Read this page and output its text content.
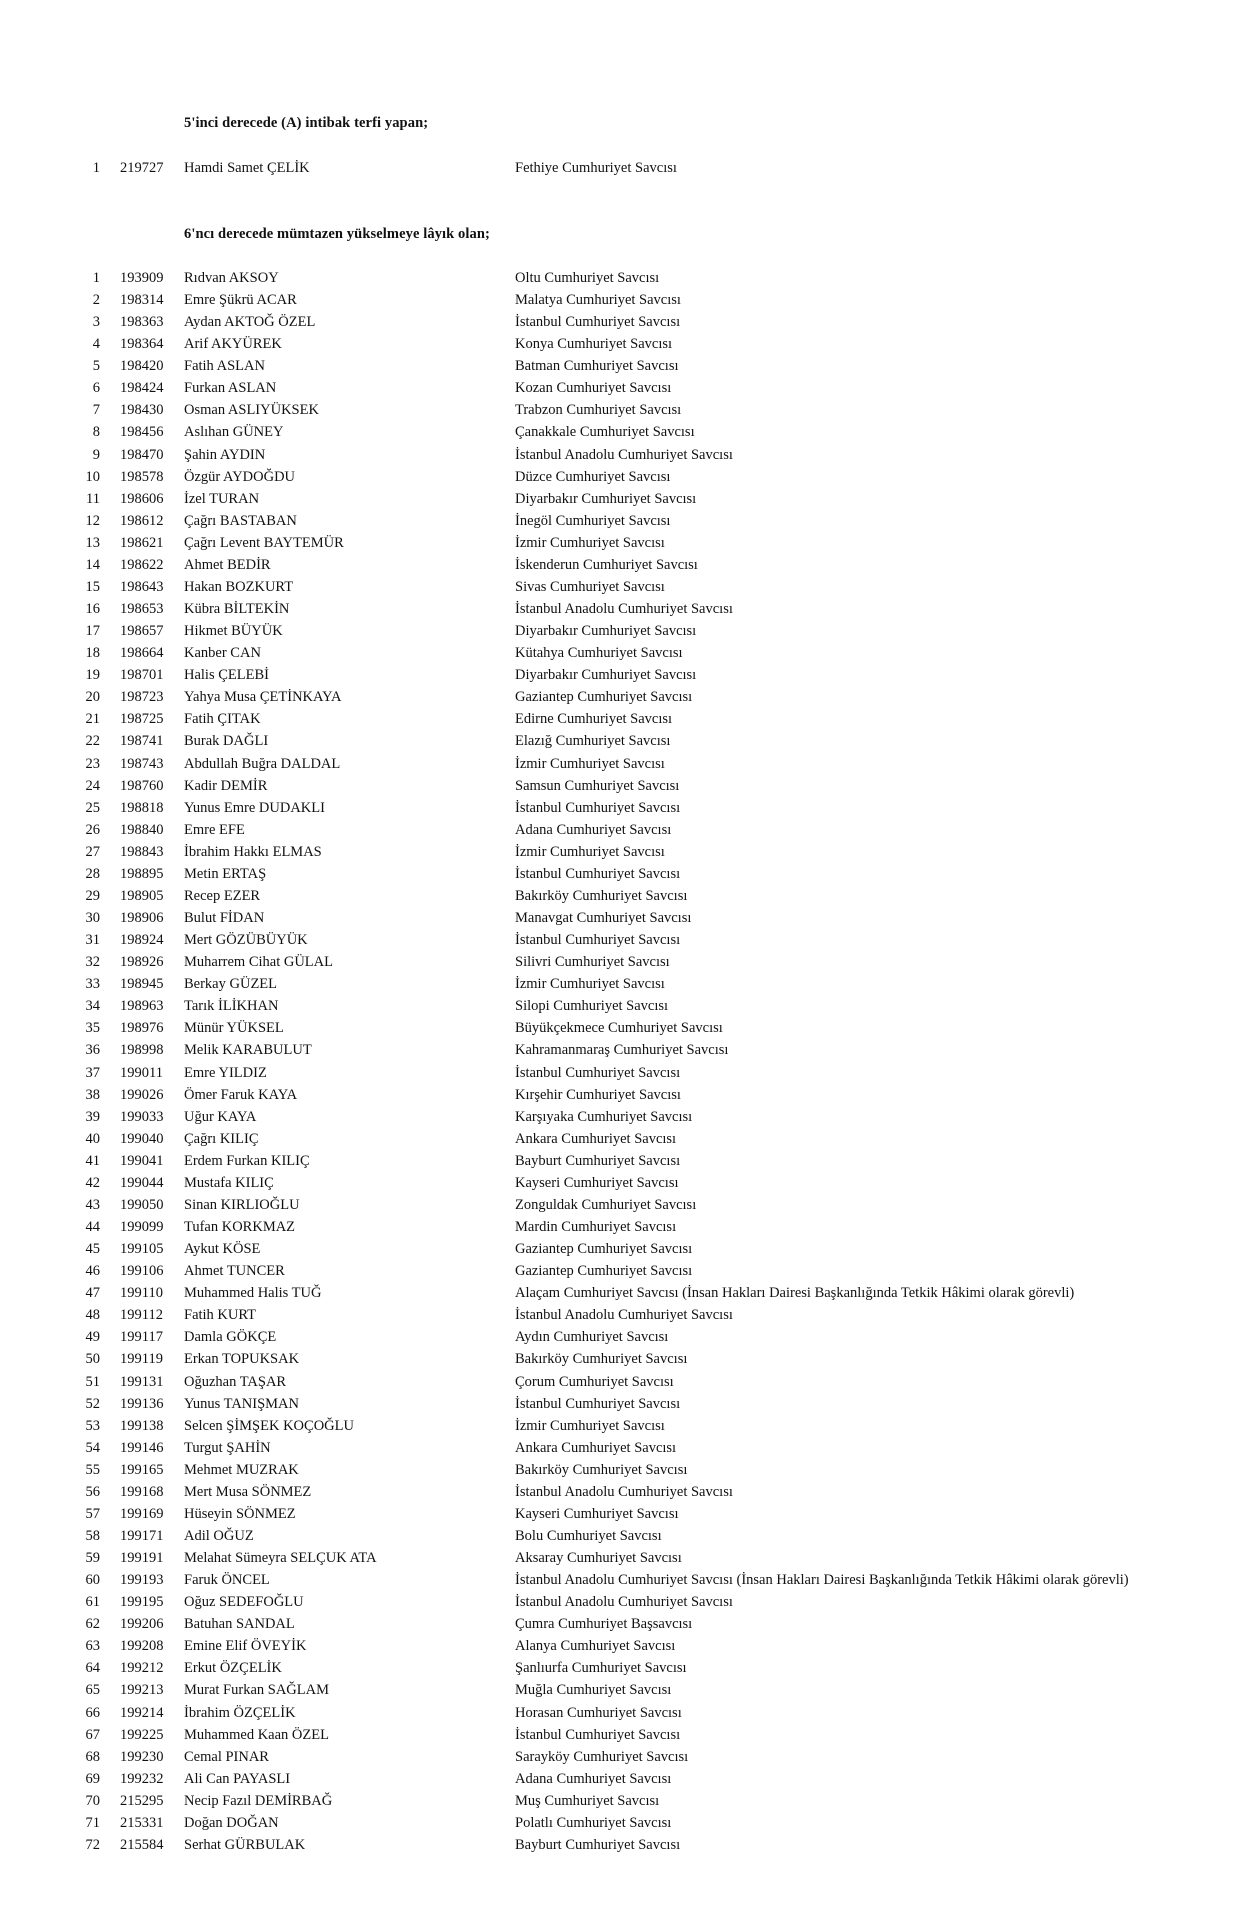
5'inci derecede (A) intibak terfi yapan;
1 219727 Hamdi Samet ÇELİK	Fethiye Cumhuriyet Savcısı
6'ncı derecede mümtazen yükselmeye lâyık olan;
1 193909 Rıdvan AKSOY	Oltu Cumhuriyet Savcısı
2 198314 Emre Şükrü ACAR	Malatya Cumhuriyet Savcısı
3 198363 Aydan AKTOĞ ÖZEL	İstanbul Cumhuriyet Savcısı
4 198364 Arif AKYÜREK	Konya Cumhuriyet Savcısı
5 198420 Fatih ASLAN	Batman Cumhuriyet Savcısı
6 198424 Furkan ASLAN	Kozan Cumhuriyet Savcısı
7 198430 Osman ASLIYÜKSEK	Trabzon Cumhuriyet Savcısı
8 198456 Aslıhan GÜNEY	Çanakkale Cumhuriyet Savcısı
9 198470 Şahin AYDIN	İstanbul Anadolu Cumhuriyet Savcısı
10 198578 Özgür AYDOĞDU	Düzce Cumhuriyet Savcısı
11 198606 İzel TURAN	Diyarbakır Cumhuriyet Savcısı
12 198612 Çağrı BASTABAN	İnegöl Cumhuriyet Savcısı
13 198621 Çağrı Levent BAYTEMÜR	İzmir Cumhuriyet Savcısı
14 198622 Ahmet BEDİR	İskenderun Cumhuriyet Savcısı
15 198643 Hakan BOZKURT	Sivas Cumhuriyet Savcısı
16 198653 Kübra BİLTEKİN	İstanbul Anadolu Cumhuriyet Savcısı
17 198657 Hikmet BÜYÜK	Diyarbakır Cumhuriyet Savcısı
18 198664 Kanber CAN	Kütahya Cumhuriyet Savcısı
19 198701 Halis ÇELEBİ	Diyarbakır Cumhuriyet Savcısı
20 198723 Yahya Musa ÇETİNKAYA	Gaziantep Cumhuriyet Savcısı
21 198725 Fatih ÇITAK	Edirne Cumhuriyet Savcısı
22 198741 Burak DAĞLI	Elazığ Cumhuriyet Savcısı
23 198743 Abdullah Buğra DALDAL	İzmir Cumhuriyet Savcısı
24 198760 Kadir DEMİR	Samsun Cumhuriyet Savcısı
25 198818 Yunus Emre DUDAKLI	İstanbul Cumhuriyet Savcısı
26 198840 Emre EFE	Adana Cumhuriyet Savcısı
27 198843 İbrahim Hakkı ELMAS	İzmir Cumhuriyet Savcısı
28 198895 Metin ERTAŞ	İstanbul Cumhuriyet Savcısı
29 198905 Recep EZER	Bakırköy Cumhuriyet Savcısı
30 198906 Bulut FİDAN	Manavgat Cumhuriyet Savcısı
31 198924 Mert GÖZÜBÜYÜK	İstanbul Cumhuriyet Savcısı
32 198926 Muharrem Cihat GÜLAL	Silivri Cumhuriyet Savcısı
33 198945 Berkay GÜZEL	İzmir Cumhuriyet Savcısı
34 198963 Tarık İLİKHAN	Silopi Cumhuriyet Savcısı
35 198976 Münür YÜKSEL	Büyükçekmece Cumhuriyet Savcısı
36 198998 Melik KARABULUT	Kahramanmaraş Cumhuriyet Savcısı
37 199011 Emre YILDIZ	İstanbul Cumhuriyet Savcısı
38 199026 Ömer Faruk KAYA	Kırşehir Cumhuriyet Savcısı
39 199033 Uğur KAYA	Karşıyaka Cumhuriyet Savcısı
40 199040 Çağrı KILIÇ	Ankara Cumhuriyet Savcısı
41 199041 Erdem Furkan KILIÇ	Bayburt Cumhuriyet Savcısı
42 199044 Mustafa KILIÇ	Kayseri Cumhuriyet Savcısı
43 199050 Sinan KIRLIOĞLU	Zonguldak Cumhuriyet Savcısı
44 199099 Tufan KORKMAZ	Mardin Cumhuriyet Savcısı
45 199105 Aykut KÖSE	Gaziantep Cumhuriyet Savcısı
46 199106 Ahmet TUNCER	Gaziantep Cumhuriyet Savcısı
47 199110 Muhammed Halis TUĞ	Alaçam Cumhuriyet Savcısı (İnsan Hakları Dairesi Başkanlığında Tetkik Hâkimi olarak görevli)
48 199112 Fatih KURT	İstanbul Anadolu Cumhuriyet Savcısı
49 199117 Damla GÖKÇE	Aydın Cumhuriyet Savcısı
50 199119 Erkan TOPUKSAK	Bakırköy Cumhuriyet Savcısı
51 199131 Oğuzhan TAŞAR	Çorum Cumhuriyet Savcısı
52 199136 Yunus TANIŞMAN	İstanbul Cumhuriyet Savcısı
53 199138 Selcen ŞİMŞEK KOÇOĞLU	İzmir Cumhuriyet Savcısı
54 199146 Turgut ŞAHİN	Ankara Cumhuriyet Savcısı
55 199165 Mehmet MUZRAK	Bakırköy Cumhuriyet Savcısı
56 199168 Mert Musa SÖNMEZ	İstanbul Anadolu Cumhuriyet Savcısı
57 199169 Hüseyin SÖNMEZ	Kayseri Cumhuriyet Savcısı
58 199171 Adil OĞUZ	Bolu Cumhuriyet Savcısı
59 199191 Melahat Sümeyra SELÇUK ATA	Aksaray Cumhuriyet Savcısı
60 199193 Faruk ÖNCEL	İstanbul Anadolu Cumhuriyet Savcısı (İnsan Hakları Dairesi Başkanlığında Tetkik Hâkimi olarak görevli)
61 199195 Oğuz SEDEFOĞLU	İstanbul Anadolu Cumhuriyet Savcısı
62 199206 Batuhan SANDAL	Çumra Cumhuriyet Başsavcısı
63 199208 Emine Elif ÖVEYİK	Alanya Cumhuriyet Savcısı
64 199212 Erkut ÖZÇELİK	Şanlıurfa Cumhuriyet Savcısı
65 199213 Murat Furkan SAĞLAM	Muğla Cumhuriyet Savcısı
66 199214 İbrahim ÖZÇELİK	Horasan Cumhuriyet Savcısı
67 199225 Muhammed Kaan ÖZEL	İstanbul Cumhuriyet Savcısı
68 199230 Cemal PINAR	Sarayköy Cumhuriyet Savcısı
69 199232 Ali Can PAYASLI	Adana Cumhuriyet Savcısı
70 215295 Necip Fazıl DEMİRBAĞ	Muş Cumhuriyet Savcısı
71 215331 Doğan DOĞAN	Polatlı Cumhuriyet Savcısı
72 215584 Serhat GÜRBULAK	Bayburt Cumhuriyet Savcısı
